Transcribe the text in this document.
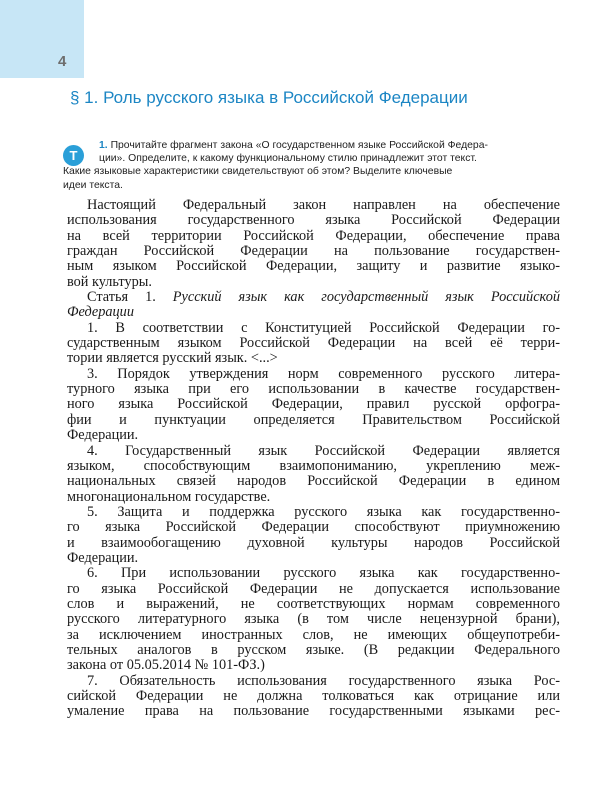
4
§ 1. Роль русского языка в Российской Федерации
Т
1. Прочитайте фрагмент закона «О государственном языке Российской Федера-
ции». Определите, к какому функциональному стилю принадлежит этот текст.
Какие языковые характеристики свидетельствуют об этом? Выделите ключевые
идеи текста.
Настоящий Федеральный закон направлен на обеспечение
использования государственного языка Российской Федерации
на всей территории Российской Федерации, обеспечение права
граждан Российской Федерации на пользование государствен-
ным языком Российской Федерации, защиту и развитие языко-
вой культуры.
Статья 1. Русский язык как государственный язык Российской
Федерации
1. В соответствии с Конституцией Российской Федерации го-
сударственным языком Российской Федерации на всей её терри-
тории является русский язык. <...>
3. Порядок утверждения норм современного русского литера-
турного языка при его использовании в качестве государствен-
ного языка Российской Федерации, правил русской орфогра-
фии и пунктуации определяется Правительством Российской
Федерации.
4. Государственный язык Российской Федерации является
языком, способствующим взаимопониманию, укреплению меж-
национальных связей народов Российской Федерации в едином
многонациональном государстве.
5. Защита и поддержка русского языка как государственно-
го языка Российской Федерации способствуют приумножению
и взаимообогащению духовной культуры народов Российской
Федерации.
6. При использовании русского языка как государственно-
го языка Российской Федерации не допускается использование
слов и выражений, не соответствующих нормам современного
русского литературного языка (в том числе нецензурной брани),
за исключением иностранных слов, не имеющих общеупотреби-
тельных аналогов в русском языке. (В редакции Федерального
закона от 05.05.2014 № 101-ФЗ.)
7. Обязательность использования государственного языка Рос-
сийской Федерации не должна толковаться как отрицание или
умаление права на пользование государственными языками рес-
